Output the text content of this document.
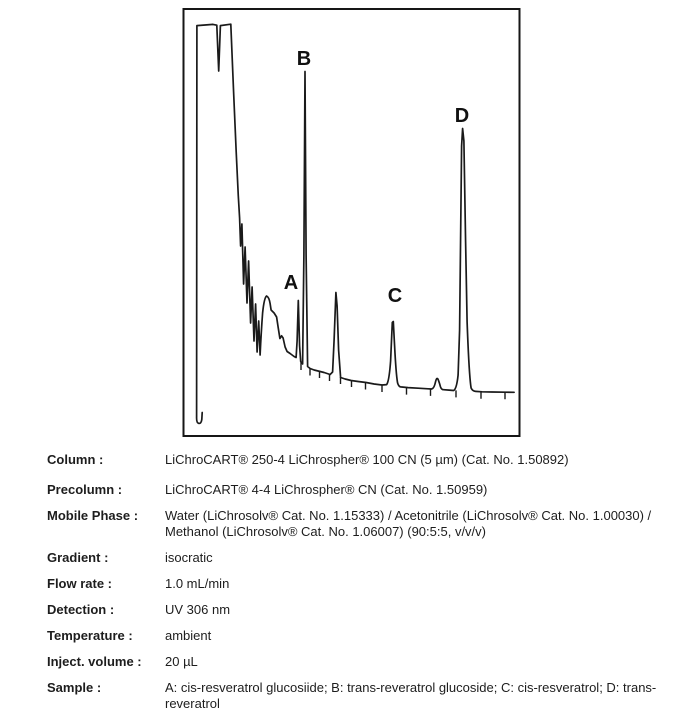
A
B
C
D
Column :	LiChroCART® 250-4 LiChrospher® 100 CN (5 µm) (Cat. No. 1.50892)
Precolumn :	LiChroCART® 4-4 LiChrospher® CN (Cat. No. 1.50959)
Mobile Phase :	Water (LiChrosolv® Cat. No. 1.15333) / Acetonitrile (LiChrosolv® Cat. No. 1.00030) / Methanol (LiChrosolv® Cat. No. 1.06007) (90:5:5, v/v/v)
Gradient :	isocratic
Flow rate :	1.0 mL/min
Detection :	UV 306 nm
Temperature :	ambient
Inject. volume :	20 µL
Sample :	A: cis-resveratrol glucosiide; B: trans-reveratrol glucoside; C: cis-resveratrol; D: trans-reveratrol
